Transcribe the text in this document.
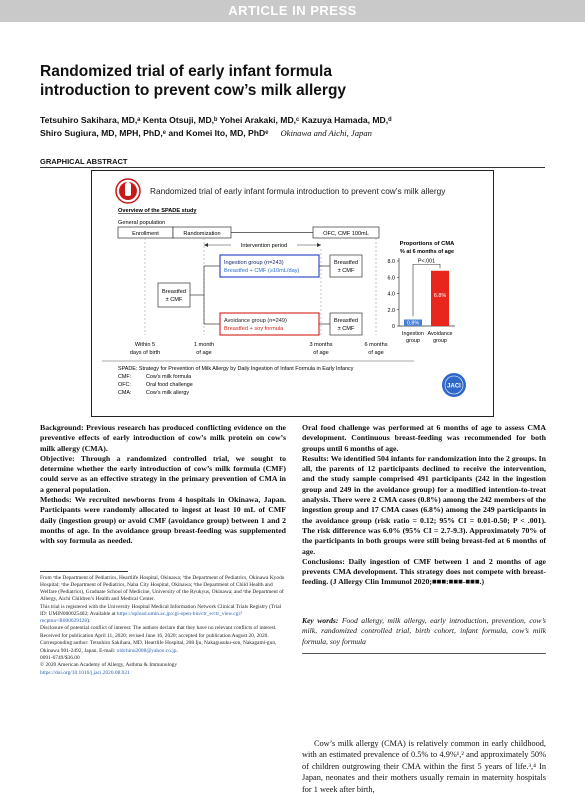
ARTICLE IN PRESS
Randomized trial of early infant formula
introduction to prevent cow’s milk allergy
Tetsuhiro Sakihara, MD,ᵃ Kenta Otsuji, MD,ᵇ Yohei Arakaki, MD,ᶜ Kazuya Hamada, MD,ᵈ
Shiro Sugiura, MD, MPH, PhD,ᵉ and Komei Ito, MD, PhDᵉ Okinawa and Aichi, Japan
GRAPHICAL ABSTRACT
Randomized trial of early infant formula introduction to prevent cow’s milk allergy
Overview of the SPADE study
General population
Enrollment	Randomization	OFC, CMF 100mL
Intervention period
Breastfed
± CMF
Ingestion group (n=243)
Breastfed + CMF (≥10mL/day)
Avoidance group (n=249)
Breastfed + soy formula
Breastfed
± CMF
Breastfed
± CMF
Within 5
days of birth
1 month
of age
3 months
of age
6 months
of age
Proportions of CMA
% at 6 months of age
0
2.0
4.0
6.0
8.0
0.8%
Ingestion
group
6.8%
Avoidance
group
P<.001
SPADE: Strategy for Prevention of Milk Allergy by Daily Ingestion of Infant Formula in Early Infancy
CMF:	Cow’s milk formula
OFC:	Oral food challenge
CMA:	Cow’s milk allergy
JACI

Background: Previous research has produced conflicting evidence on the preventive effects of early introduction of cow’s milk protein on cow’s milk allergy (CMA).

Objective: Through a randomized controlled trial, we sought to determine whether the early introduction of cow’s milk formula (CMF) could serve as an effective strategy in the primary prevention of CMA in a general population.

Methods: We recruited newborns from 4 hospitals in Okinawa, Japan. Participants were randomly allocated to ingest at least 10 mL of CMF daily (ingestion group) or avoid CMF (avoidance group) between 1 and 2 months of age. In the avoidance group breast-feeding was supplemented with soy formula as needed.

Oral food challenge was performed at 6 months of age to assess CMA development. Continuous breast-feeding was recommended for both groups until 6 months of age.

Results: We identified 504 infants for randomization into the 2 groups. In all, the parents of 12 participants declined to receive the intervention, and the study sample comprised 491 participants (242 in the ingestion group and 249 in the avoidance group) for a modified intention-to-treat analysis. There were 2 CMA cases (0.8%) among the 242 members of the ingestion group and 17 CMA cases (6.8%) among the 249 participants in the avoidance group (risk ratio = 0.12; 95% CI = 0.01-0.50; P < .001). The risk difference was 6.0% (95% CI = 2.7-9.3). Approximately 70% of the participants in both groups were still being breast-fed at 6 months of age.

Conclusions: Daily ingestion of CMF between 1 and 2 months of age prevents CMA development. This strategy does not compete with breast-feeding. (J Allergy Clin Immunol 2020;■■■:■■■-■■■.)

From ᵃthe Department of Pediatrics, Heartlife Hospital, Okinawa; ᵇthe Department of Pediatrics, Okinawa Kyodo Hospital; ᶜthe Department of Pediatrics, Naha City Hospital, Okinawa; ᵈthe Department of Child Health and Welfare (Pediatrics), Graduate School of Medicine, University of the Ryukyus, Okinawa; and ᵉthe Department of Allergy, Aichi Children’s Health and Medical Center.

This trial is registered with the University Hospital Medical Information Network Clinical Trials Registry (Trial ID: UMIN000025402; Available at https://upload.umin.ac.jp/cgi-open-bin/ctr_e/ctr_view.cgi?recptno=R000029128).

Disclosure of potential conflict of interest: The authors declare that they have no relevant conflicts of interest.

Received for publication April 11, 2020; revised June 16, 2020; accepted for publication August 20, 2020.

Corresponding author: Tetsuhiro Sakihara, MD, Heartlife Hospital, 208 Iju, Nakagusuku-son, Nakagami-gun, Okinawa 901-2492, Japan. E-mail: oldchinu2008@yahoo.co.jp.

0091-6749/$36.00

© 2020 American Academy of Allergy, Asthma & Immunology

https://doi.org/10.1016/j.jaci.2020.08.021

Key words: Food allergy, milk allergy, early introduction, prevention, cow’s milk, randomized controlled trial, birth cohort, infant formula, cow’s milk formula, soy formula
Cow’s milk allergy (CMA) is relatively common in early childhood, with an estimated prevalence of 0.5% to 4.9%¹,² and approximately 50% of children outgrowing their CMA within the first 5 years of life.³,⁴ In Japan, neonates and their mothers usually remain in maternity hospitals for 1 week after birth,
